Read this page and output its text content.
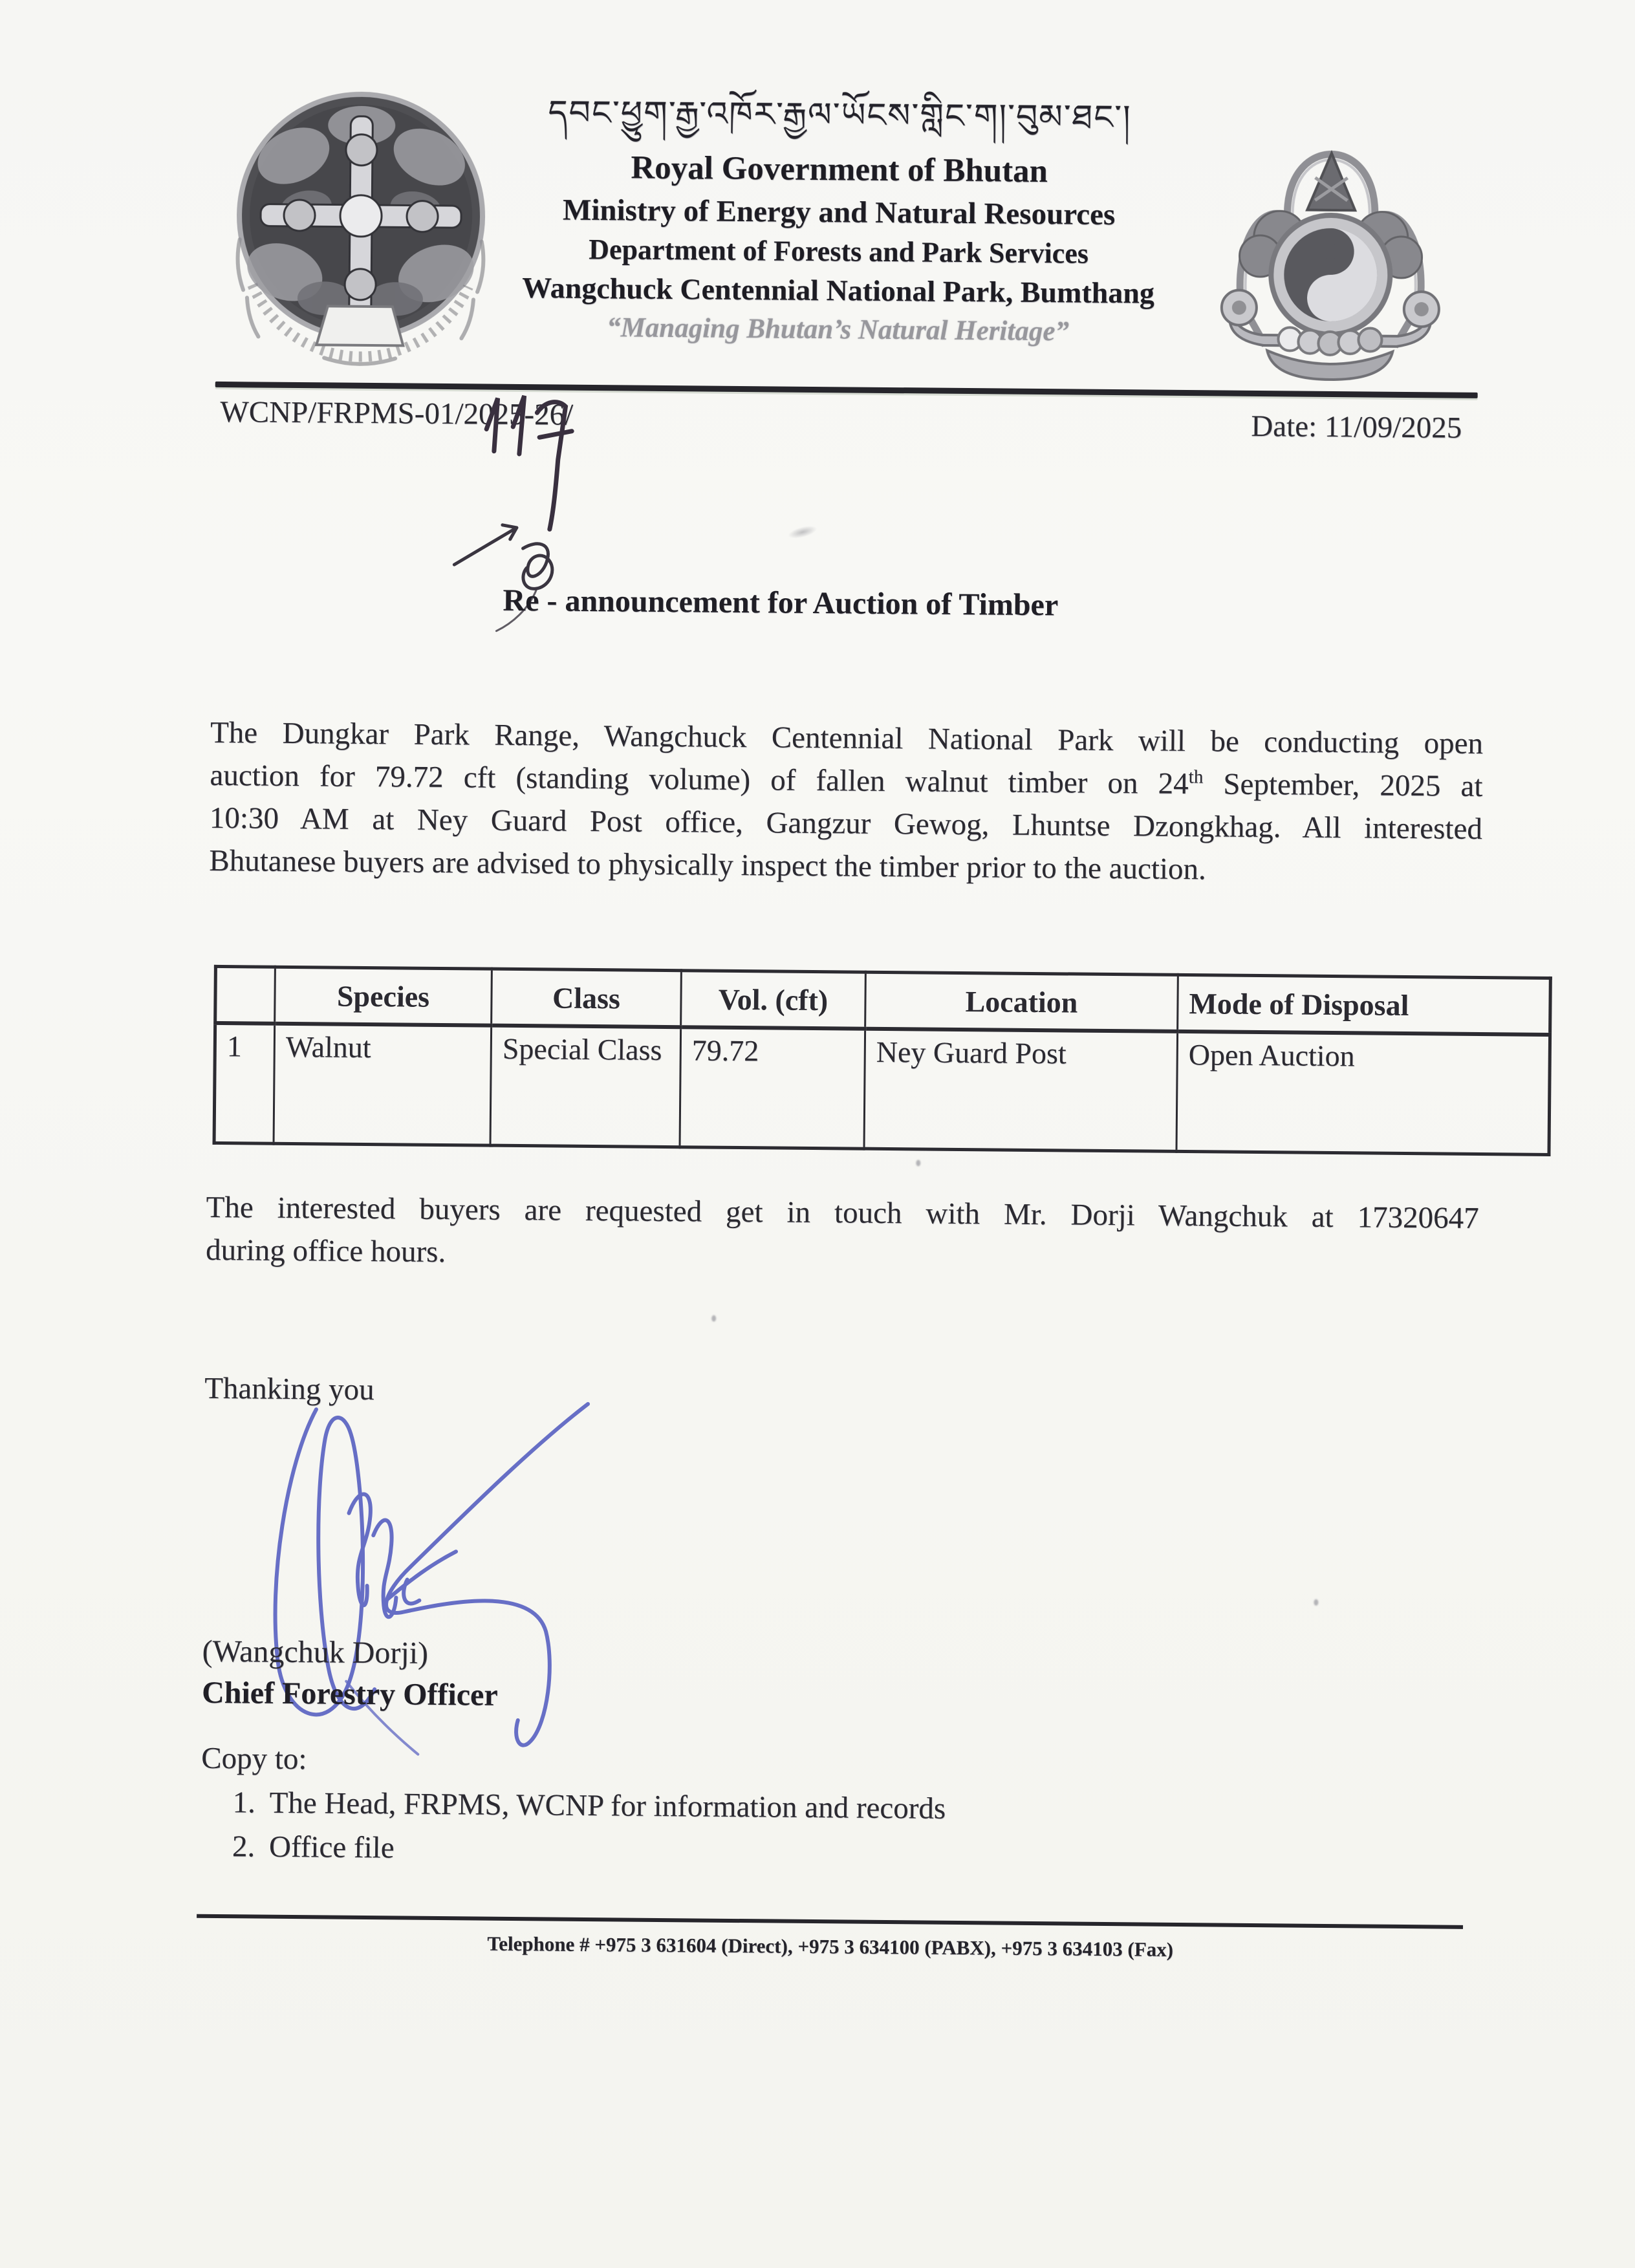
དབང་ཕྱུག་རྒྱ་འཁོར་རྒྱལ་ཡོངས་གླིང་ག།་བུམ་ཐང་།
Royal Government of Bhutan
Ministry of Energy and Natural Resources
Department of Forests and Park Services
Wangchuck Centennial National Park, Bumthang
“Managing Bhutan’s Natural Heritage”
WCNP/FRPMS-01/2025-26/	Date: 11/09/2025
Re - announcement for Auction of Timber
The Dungkar Park Range, Wangchuck Centennial National Park will be conducting open
auction for 79.72 cft (standing volume) of fallen walnut timber on 24th September, 2025 at
10:30 AM at Ney Guard Post office, Gangzur Gewog, Lhuntse Dzongkhag. All interested
Bhutanese buyers are advised to physically inspect the timber prior to the auction.
	Species	Class	Vol. (cft)	Location	Mode of Disposal
1	Walnut	Special Class	79.72	Ney Guard Post	Open Auction
The interested buyers are requested get in touch with Mr. Dorji Wangchuk at 17320647
during office hours.
Thanking you
(Wangchuk Dorji)
Chief Forestry Officer
Copy to:
1. The Head, FRPMS, WCNP for information and records
2. Office file
Telephone # +975 3 631604 (Direct), +975 3 634100 (PABX), +975 3 634103 (Fax)
